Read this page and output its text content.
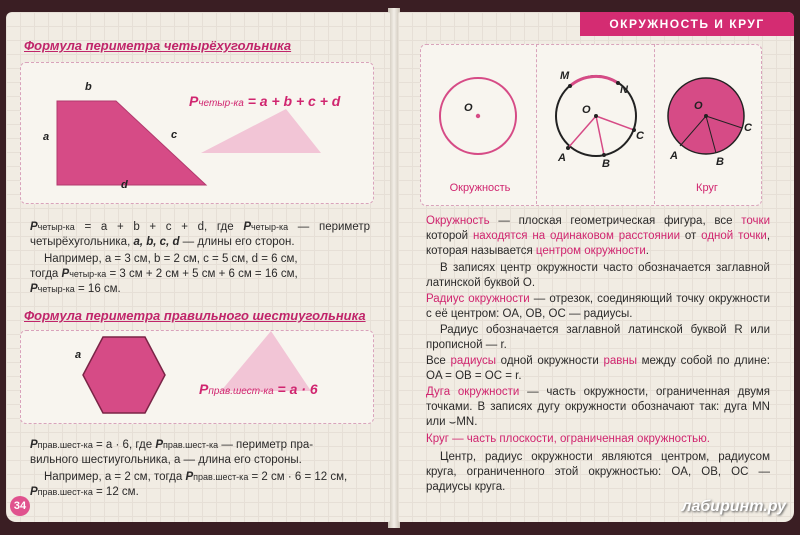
Формула периметра четырёхугольника
b
a	c
d
Pчетыр-ка = a + b + c + d
Pчетыр-ка = a + b + c + d, где Pчетыр-ка — периметр четырёхугольника, a, b, c, d — длины его сторон.
Например, a = 3 см, b = 2 см, c = 5 см, d = 6 см,
тогда Pчетыр-ка = 3 см + 2 см + 5 см + 6 см = 16 см,
Pчетыр-ка = 16 см.
Формула периметра правильного шестиугольника
a
Pправ.шест-ка = a · 6
Pправ.шест-ка = a · 6, где Pправ.шест-ка — периметр пра-
вильного шестиугольника, a — длина его стороны.
Например, a = 2 см, тогда Pправ.шест-ка = 2 см · 6 = 12 см,
Pправ.шест-ка = 12 см.
34
ОКРУЖНОСТЬ И КРУГ
O
M
N
O
A	B
C
O
A	B
C
Окружность	Круг
Окружность — плоская геометрическая фигура, все точки которой находятся на одинаковом расстоянии от одной точки, которая называется центром окружности.
В записях центр окружности часто обозначается заглавной латинской буквой O.
Радиус окружности — отрезок, соединяющий точку окружности с её центром: OA, OB, OC — радиусы.
Радиус обозначается заглавной латинской буквой R или прописной — r.
Все радиусы одной окружности равны между собой по длине: OA = OB = OC = r.
Дуга окружности — часть окружности, ограниченная двумя точками. В записях дугу окружности обозначают так: дуга MN или ⌣MN.
Круг — часть плоскости, ограниченная окружностью.
Центр, радиус окружности являются центром, радиусом круга, ограниченного этой окружностью: OA, OB, OC — радиусы круга.
лабиринт.ру
